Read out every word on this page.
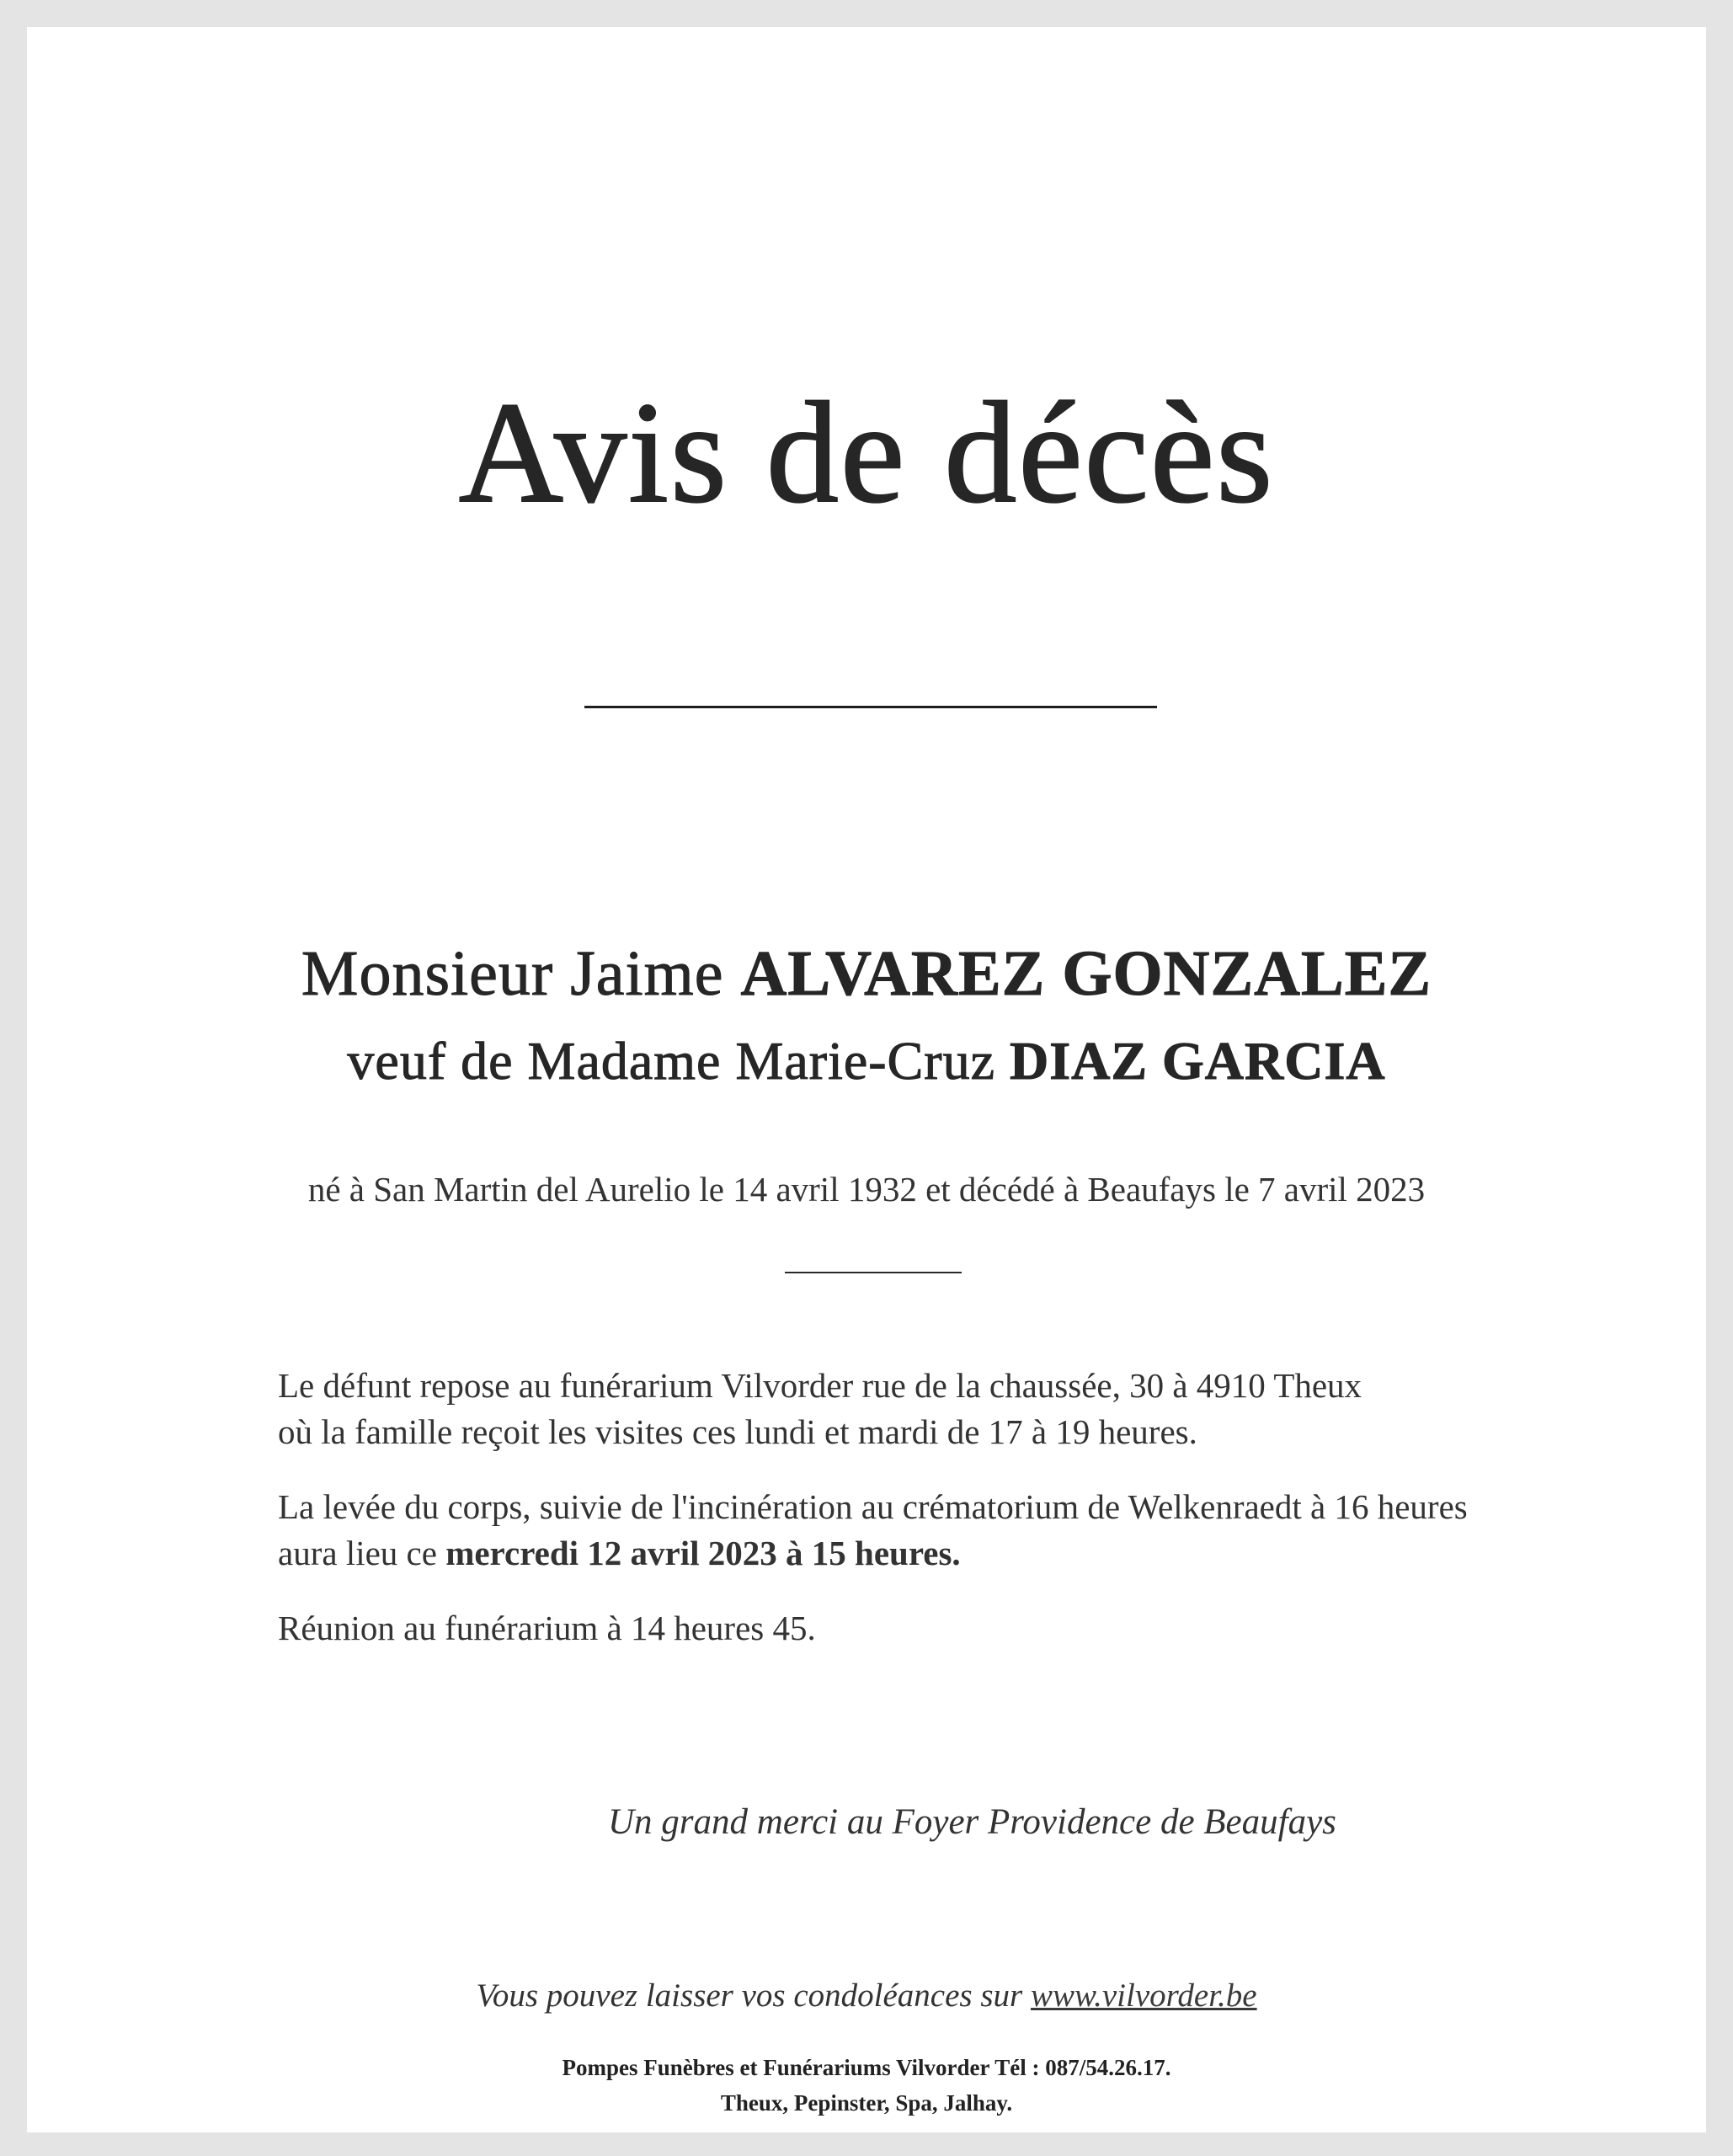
Avis de décès
Monsieur Jaime ALVAREZ GONZALEZ
veuf de Madame Marie-Cruz DIAZ GARCIA
né à San Martin del Aurelio le 14 avril 1932 et décédé à Beaufays le 7 avril 2023
Le défunt repose au funérarium Vilvorder rue de la chaussée, 30 à 4910 Theux
où la famille reçoit les visites ces lundi et mardi de 17 à 19 heures.
La levée du corps, suivie de l'incinération au crématorium de Welkenraedt à 16 heures
aura lieu ce mercredi 12 avril 2023 à 15 heures.
Réunion au funérarium à 14 heures 45.
Un grand merci au Foyer Providence de Beaufays
Vous pouvez laisser vos condoléances sur www.vilvorder.be
Pompes Funèbres et Funérariums Vilvorder Tél : 087/54.26.17.
Theux, Pepinster, Spa, Jalhay.
